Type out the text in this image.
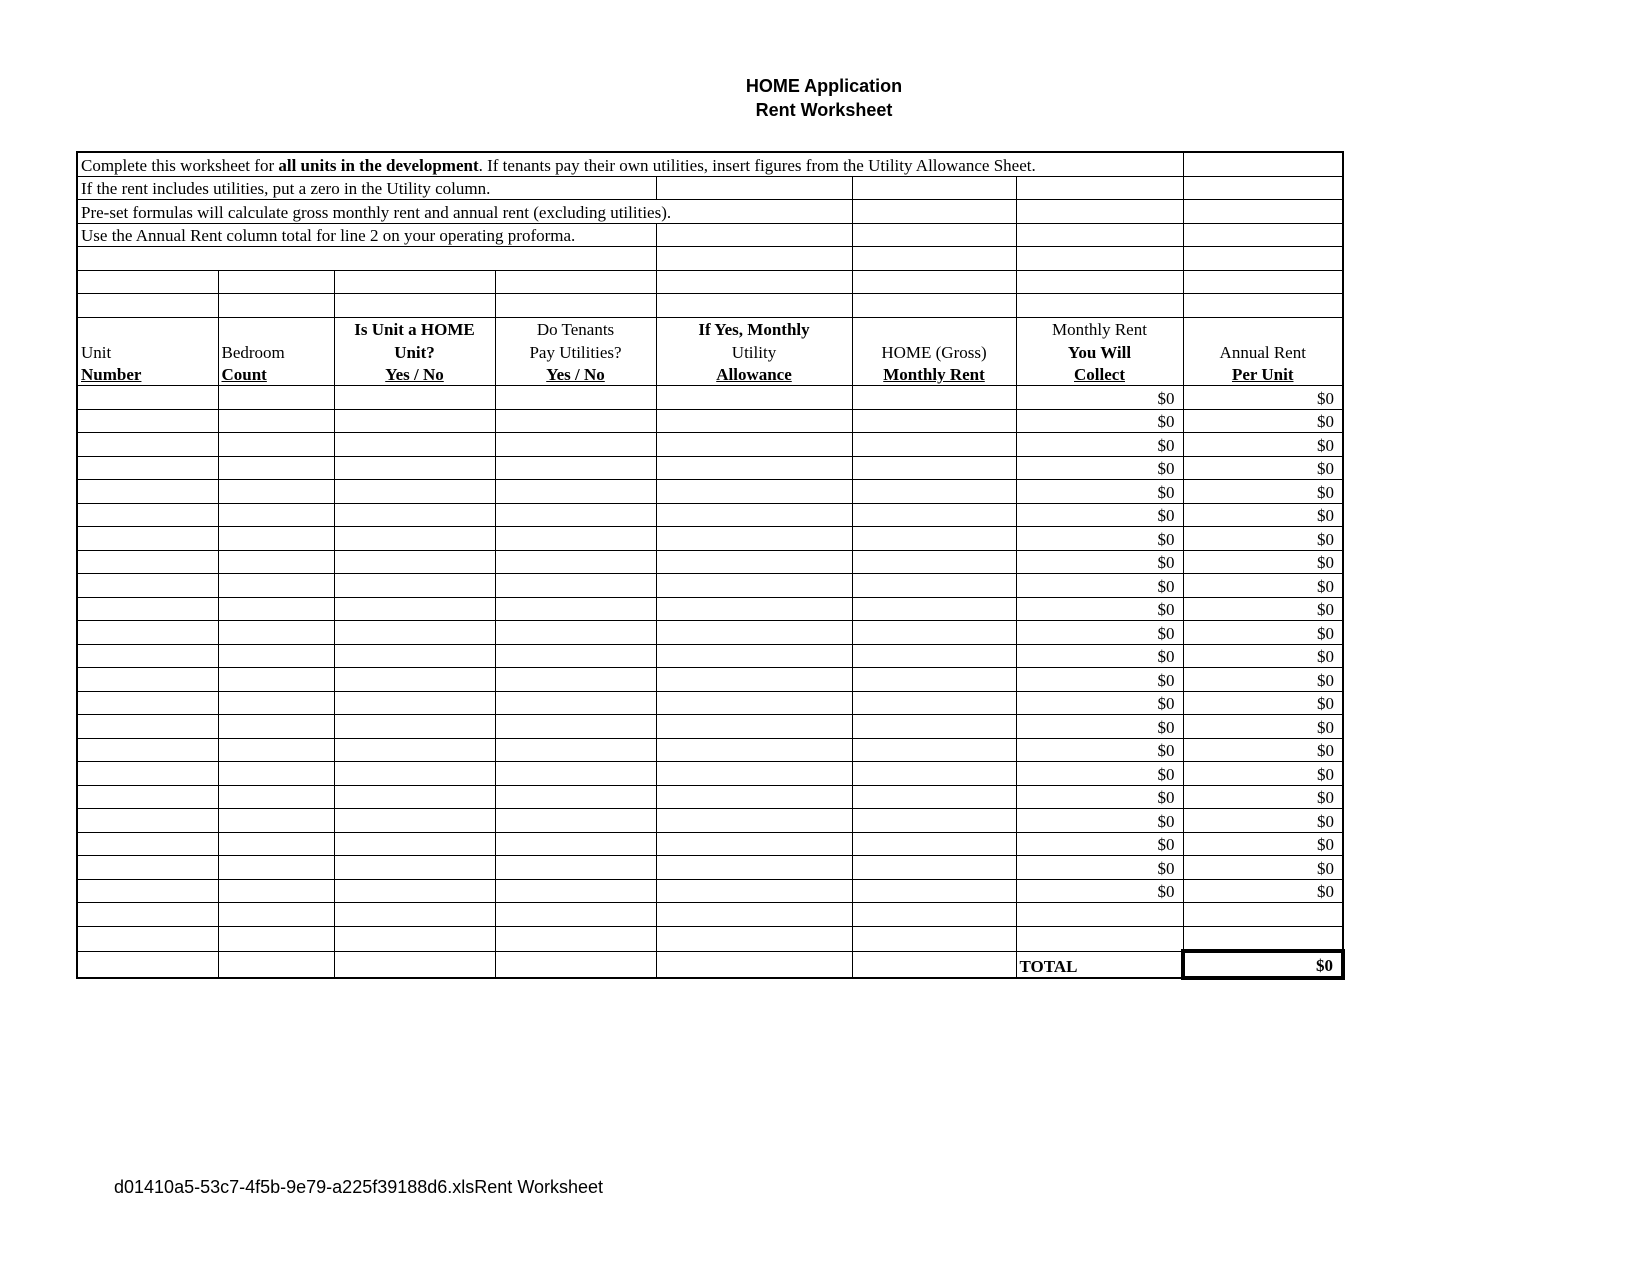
HOME Application
Rent Worksheet
Complete this worksheet for all units in the development. If tenants pay their own utilities, insert figures from the Utility Allowance Sheet.							
If the rent includes utilities, put a zero in the Utility column.							
Pre-set formulas will calculate gross monthly rent and annual rent (excluding utilities).							
Use the Annual Rent column total for line 2 on your operating proforma.							

		Is Unit a HOME	Do Tenants	If Yes, Monthly		Monthly Rent	
Unit	Bedroom	Unit?	Pay Utilities?	Utility	HOME (Gross)	You Will	Annual Rent
Number	Count	Yes / No	Yes / No	Allowance	Monthly Rent	Collect	Per Unit
						$0	$0
						$0	$0
						$0	$0
						$0	$0
						$0	$0
						$0	$0
						$0	$0
						$0	$0
						$0	$0
						$0	$0
						$0	$0
						$0	$0
						$0	$0
						$0	$0
						$0	$0
						$0	$0
						$0	$0
						$0	$0
						$0	$0
						$0	$0
						$0	$0
						$0	$0

						TOTAL	$0
d01410a5-53c7-4f5b-9e79-a225f39188d6.xlsRent Worksheet
